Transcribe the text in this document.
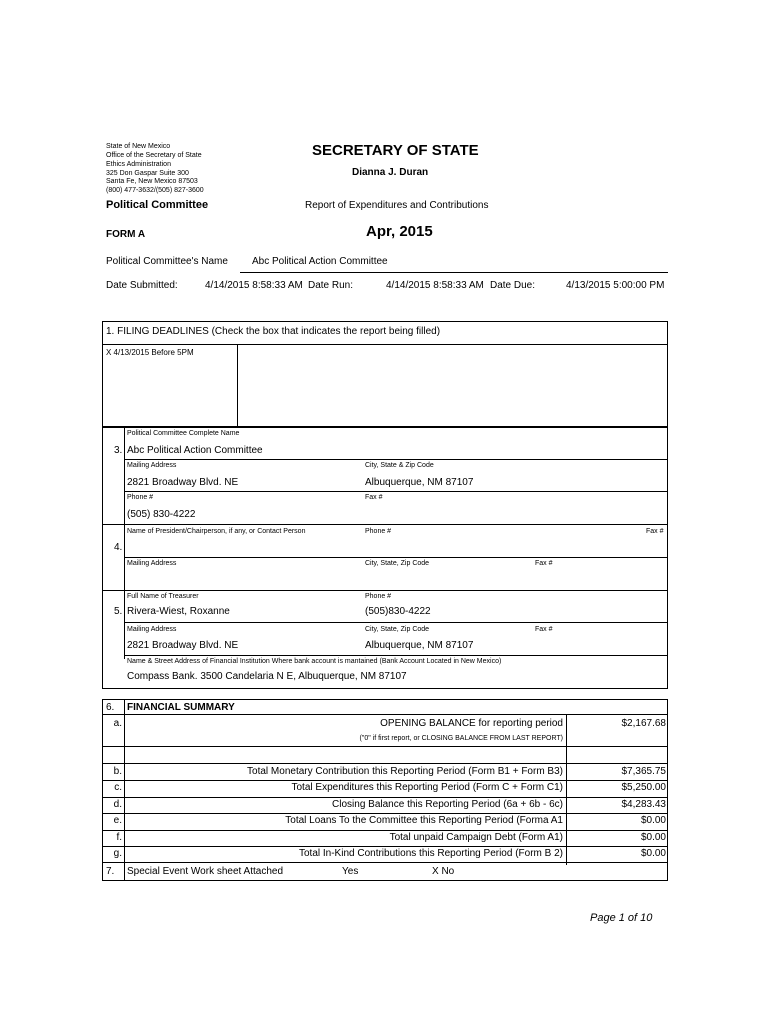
State of New Mexico
Office of the Secretary of State
Ethics Administration
325 Don Gaspar Suite 300
Santa Fe, New Mexico 87503
(800) 477-3632/(505) 827-3600
SECRETARY OF STATE
Dianna J. Duran
Political Committee	Report of Expenditures and Contributions
FORM A	Apr, 2015
Political Committee's Name Abc Political Action Committee
Date Submitted:	4/14/2015 8:58:33 AM Date Run:	4/14/2015 8:58:33 AM Date Due:	4/13/2015 5:00:00 PM
1. FILING DEADLINES (Check the box that indicates the report being filled)
X 4/13/2015 Before 5PM
Political Committee Complete Name
3. Abc Political Action Committee
Mailing Address	City, State & Zip Code
2821 Broadway Blvd. NE	Albuquerque, NM 87107
Phone #	Fax #
(505) 830-4222
Name of President/Chairperson, if any, or Contact Person	Phone #	Fax #
4.
Mailing Address	City, State, Zip Code	Fax #
Full Name of Treasurer	Phone #
5. Rivera-Wiest, Roxanne	(505)830-4222
Mailing Address	City, State, Zip Code	Fax #
2821 Broadway Blvd. NE	Albuquerque, NM 87107
Name & Street Address of Financial Institution Where bank account is mantained (Bank Account Located in New Mexico)
Compass Bank. 3500 Candelaria N E, Albuquerque, NM 87107
6. FINANCIAL SUMMARY
a.	OPENING BALANCE for reporting period	$2,167.68
("0" if first report, or CLOSING BALANCE FROM LAST REPORT)
b.	Total Monetary Contribution this Reporting Period (Form B1 + Form B3)	$7,365.75
c.	Total Expenditures this Reporting Period (Form C + Form C1)	$5,250.00
d.	Closing Balance this Reporting Period (6a + 6b - 6c)	$4,283.43
e.	Total Loans To the Committee this Reporting Period (Forma A1	$0.00
f.	Total unpaid Campaign Debt (Form A1)	$0.00
g.	Total In-Kind Contributions this Reporting Period (Form B 2)	$0.00
7. Special Event Work sheet Attached	Yes	X No
Page 1 of 10
